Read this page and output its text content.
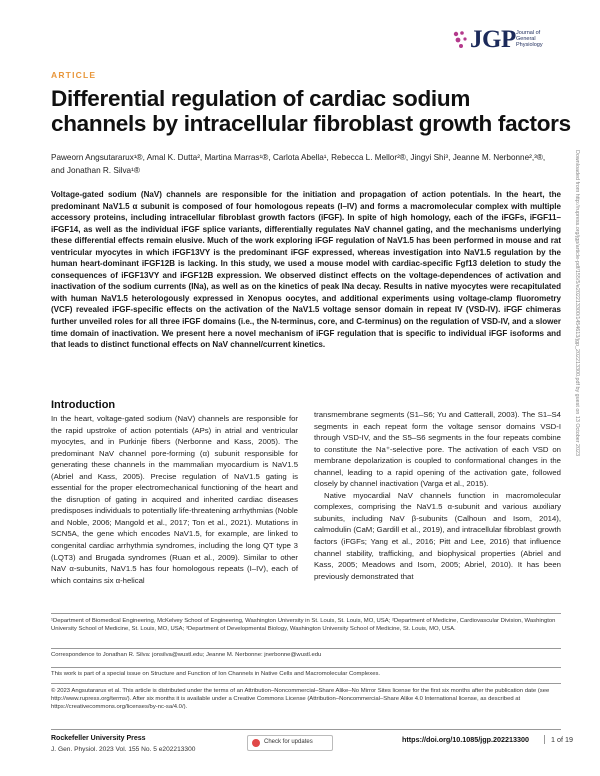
JGP Journal of General Physiology
ARTICLE
Differential regulation of cardiac sodium channels by intracellular fibroblast growth factors
Paweorn Angsutararux¹®, Amal K. Dutta², Martina Marras¹®, Carlota Abella¹, Rebecca L. Mellor²®, Jingyi Shi³, Jeanne M. Nerbonne²,³®, and Jonathan R. Silva¹®
Voltage-gated sodium (NaV) channels are responsible for the initiation and propagation of action potentials. In the heart, the predominant NaV1.5 α subunit is composed of four homologous repeats (I–IV) and forms a macromolecular complex with multiple accessory proteins, including intracellular fibroblast growth factors (iFGF). In spite of high homology, each of the iFGFs, iFGF11–iFGF14, as well as the individual iFGF splice variants, differentially regulates NaV channel gating, and the mechanisms underlying these differential effects remain elusive. Much of the work exploring iFGF regulation of NaV1.5 has been performed in mouse and rat ventricular myocytes in which iFGF13VY is the predominant iFGF expressed, whereas investigation into NaV1.5 regulation by the human heart-dominant iFGF12B is lacking. In this study, we used a mouse model with cardiac-specific Fgf13 deletion to study the consequences of iFGF13VY and iFGF12B expression. We observed distinct effects on the voltage-dependences of activation and inactivation of the sodium currents (INa), as well as on the kinetics of peak INa decay. Results in native myocytes were recapitulated with human NaV1.5 heterologously expressed in Xenopus oocytes, and additional experiments using voltage-clamp fluorometry (VCF) revealed iFGF-specific effects on the activation of the NaV1.5 voltage sensor domain in repeat IV (VSD-IV). iFGF chimeras further unveiled roles for all three iFGF domains (i.e., the N-terminus, core, and C-terminus) on the regulation of VSD-IV, and a slower time domain of inactivation. We present here a novel mechanism of iFGF regulation that is specific to individual iFGF isoforms and that leads to distinct functional effects on NaV channel/current kinetics.	Downloaded from http://rupress.org/jgp/article-pdf/155/5/e202213300/1454613/jgp_202213300.pdf by guest on 13 October 2023
Introduction

In the heart, voltage-gated sodium (NaV) channels are responsible for the rapid upstroke of action potentials (APs) in atrial and ventricular myocytes, and in Purkinje fibers (Nerbonne and Kass, 2005). The predominant NaV channel pore-forming (α) subunit responsible for generating these channels in the mammalian myocardium is NaV1.5 (Abriel and Kass, 2005). Precise regulation of NaV1.5 gating is essential for the proper electromechanical functioning of the heart and the disruption of gating in acquired and inherited cardiac diseases predisposes individuals to potentially life-threatening arrhythmias (Noble and Noble, 2006; Mangold et al., 2017; Ton et al., 2021). Mutations in SCN5A, the gene which encodes NaV1.5, for example, are linked to congenital cardiac arrhythmia syndromes, including the long QT type 3 (LQT3) and Brugada syndromes (Ruan et al., 2009). Similar to other NaV α-subunits, NaV1.5 has four homologous repeats (I–IV), each of which contains six α-helical

transmembrane segments (S1–S6; Yu and Catterall, 2003). The S1–S4 segments in each repeat form the voltage sensor domains VSD-I through VSD-IV, and the S5–S6 segments in the four repeats combine to constitute the Na⁺-selective pore. The activation of each VSD on membrane depolarization is coupled to conformational changes in the channel, leading to a rapid opening of the activation gate, followed closely by channel inactivation (Varga et al., 2015).

Native myocardial NaV channels function in macromolecular complexes, comprising the NaV1.5 α-subunit and various auxiliary subunits, including NaV β-subunits (Calhoun and Isom, 2014), calmodulin (CaM; Gardill et al., 2019), and intracellular fibroblast growth factors (iFGFs; Yang et al., 2016; Pitt and Lee, 2016) that influence channel stability, trafficking, and biophysical properties (Abriel and Kass, 2005; Meadows and Isom, 2005; Abriel, 2010). It has been previously demonstrated that

¹Department of Biomedical Engineering, McKelvey School of Engineering, Washington University in St. Louis, St. Louis, MO, USA; ²Department of Medicine, Cardiovascular Division, Washington University School of Medicine, St. Louis, MO, USA; ³Department of Developmental Biology, Washington University School of Medicine, St. Louis, MO, USA.
Correspondence to Jonathan R. Silva: jonsilva@wustl.edu; Jeanne M. Nerbonne: jnerbonne@wustl.edu
This work is part of a special issue on Structure and Function of Ion Channels in Native Cells and Macromolecular Complexes.
© 2023 Angsutararux et al. This article is distributed under the terms of an Attribution–Noncommercial–Share Alike–No Mirror Sites license for the first six months after the publication date (see http://www.rupress.org/terms/). After six months it is available under a Creative Commons License (Attribution–Noncommercial–Share Alike 4.0 International license, as described at https://creativecommons.org/licenses/by-nc-sa/4.0/).
Rockefeller University Press
J. Gen. Physiol. 2023 Vol. 155 No. 5 e202213300
Check for updates	https://doi.org/10.1085/jgp.202213300	1 of 19
